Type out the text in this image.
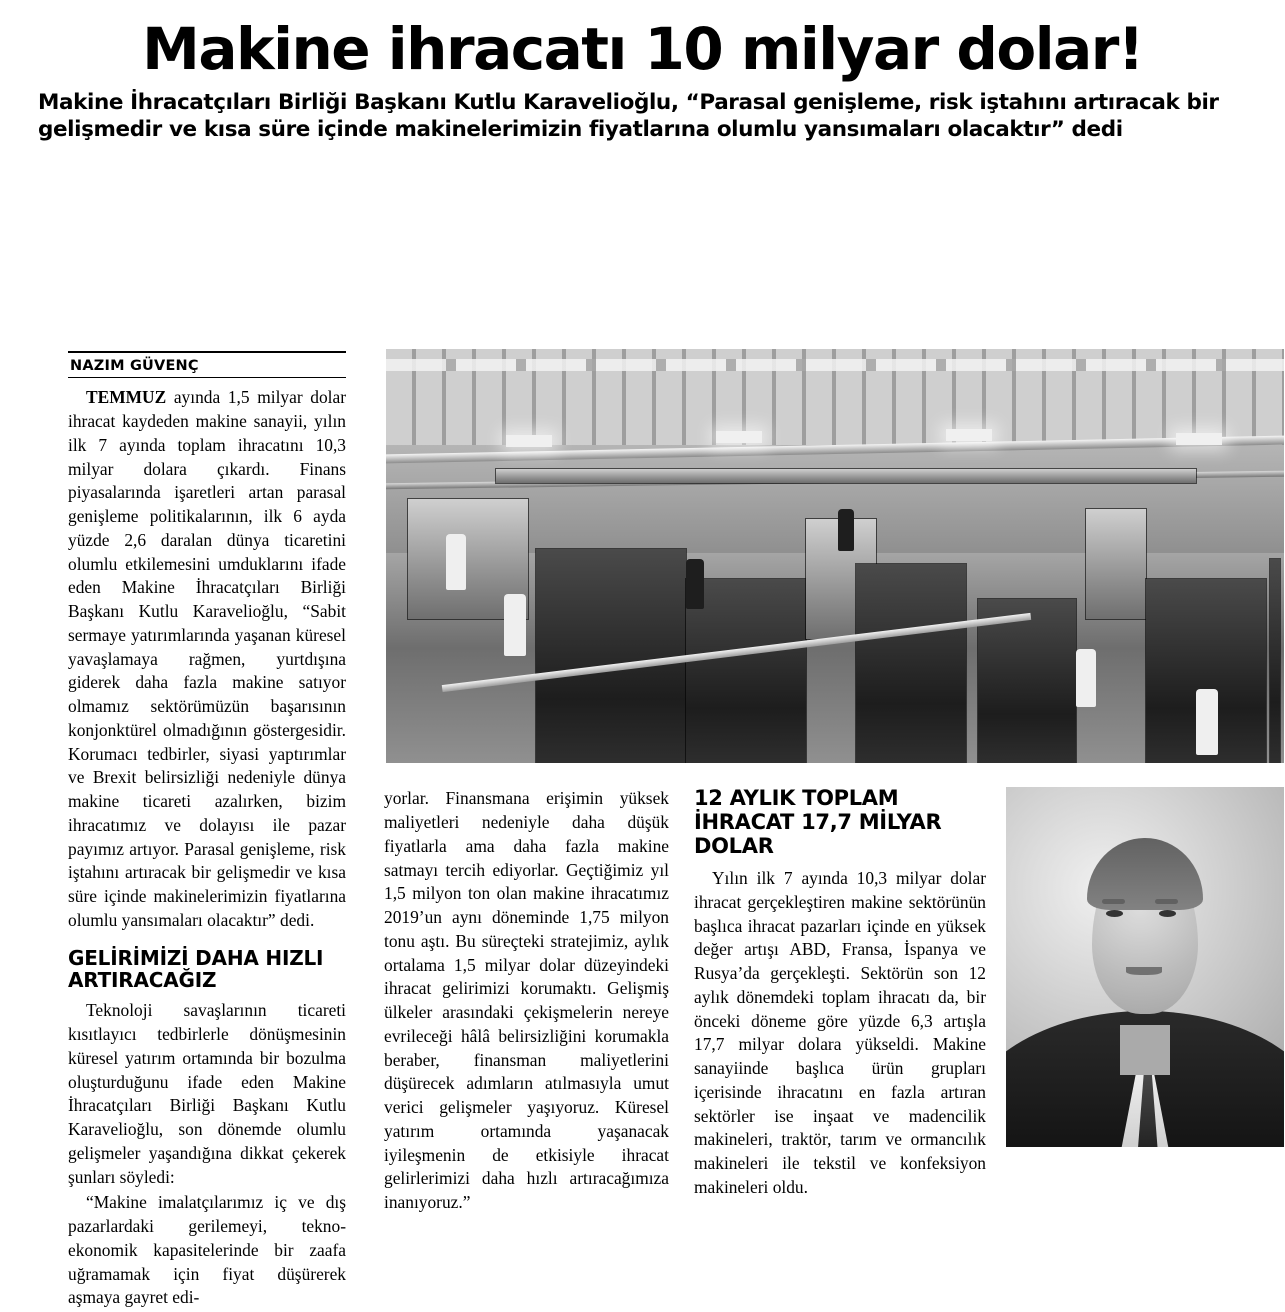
Makine ihracatı 10 milyar dolar!
Makine İhracatçıları Birliği Başkanı Kutlu Karavelioğlu, “Parasal genişleme, risk iştahını artıracak bir gelişmedir ve kısa süre içinde makinelerimizin fiyatlarına olumlu yansımaları olacaktır” dedi
NAZIM GÜVENÇ

TEMMUZ ayında 1,5 milyar dolar ihracat kaydeden makine sanayii, yılın ilk 7 ayında toplam ihracatını 10,3 milyar dolara çıkardı. Finans piyasalarında işaretleri artan parasal genişleme politikalarının, ilk 6 ayda yüzde 2,6 daralan dünya ticaretini olumlu etkilemesini umduklarını ifade eden Makine İhracatçıları Birliği Başkanı Kutlu Karavelioğlu, “Sabit sermaye yatırımlarında yaşanan küresel yavaşlamaya rağmen, yurtdışına giderek daha fazla makine satıyor olmamız sektörümüzün başarısının konjonktürel olmadığının göstergesidir. Korumacı tedbirler, siyasi yaptırımlar ve Brexit belirsizliği nedeniyle dünya makine ticareti azalırken, bizim ihracatımız ve dolayısı ile pazar payımız artıyor. Parasal genişleme, risk iştahını artıracak bir gelişmedir ve kısa süre içinde makinelerimizin fiyatlarına olumlu yansımaları olacaktır” dedi.

GELİRİMİZİ DAHA HIZLI ARTIRACAĞIZ

Teknoloji savaşlarının ticareti kısıtlayıcı tedbirlerle dönüşmesinin küresel yatırım ortamında bir bozulma oluşturduğunu ifade eden Makine İhracatçıları Birliği Başkanı Kutlu Karavelioğlu, son dönemde olumlu gelişmeler yaşandığına dikkat çekerek şunları söyledi:

“Makine imalatçılarımız iç ve dış pazarlardaki gerilemeyi, tekno-ekonomik kapasitelerinde bir zaafa uğramamak için fiyat düşürerek aşmaya gayret edi-

yorlar. Finansmana erişimin yüksek maliyetleri nedeniyle daha düşük fiyatlarla ama daha fazla makine satmayı tercih ediyorlar. Geçtiğimiz yıl 1,5 milyon ton olan makine ihracatımız 2019’un aynı döneminde 1,75 milyon tonu aştı. Bu süreçteki stratejimiz, aylık ortalama 1,5 milyar dolar düzeyindeki ihracat gelirimizi korumaktı. Gelişmiş ülkeler arasındaki çekişmelerin nereye evrileceği hâlâ belirsizliğini korumakla beraber, finansman maliyetlerini düşürecek adımların atılmasıyla umut verici gelişmeler yaşıyoruz. Küresel yatırım ortamında yaşanacak iyileşmenin de etkisiyle ihracat gelirlerimizi daha hızlı artıracağımıza inanıyoruz.”

12 AYLIK TOPLAM İHRACAT 17,7 MİLYAR DOLAR

Yılın ilk 7 ayında 10,3 milyar dolar ihracat gerçekleştiren makine sektörünün başlıca ihracat pazarları içinde en yüksek değer artışı ABD, Fransa, İspanya ve Rusya’da gerçekleşti. Sektörün son 12 aylık dönemdeki toplam ihracatı da, bir önceki döneme göre yüzde 6,3 artışla 17,7 milyar dolara yükseldi. Makine sanayiinde başlıca ürün grupları içerisinde ihracatını en fazla artıran sektörler ise inşaat ve madencilik makineleri, traktör, tarım ve ormancılık makineleri ile tekstil ve konfeksiyon makineleri oldu.
